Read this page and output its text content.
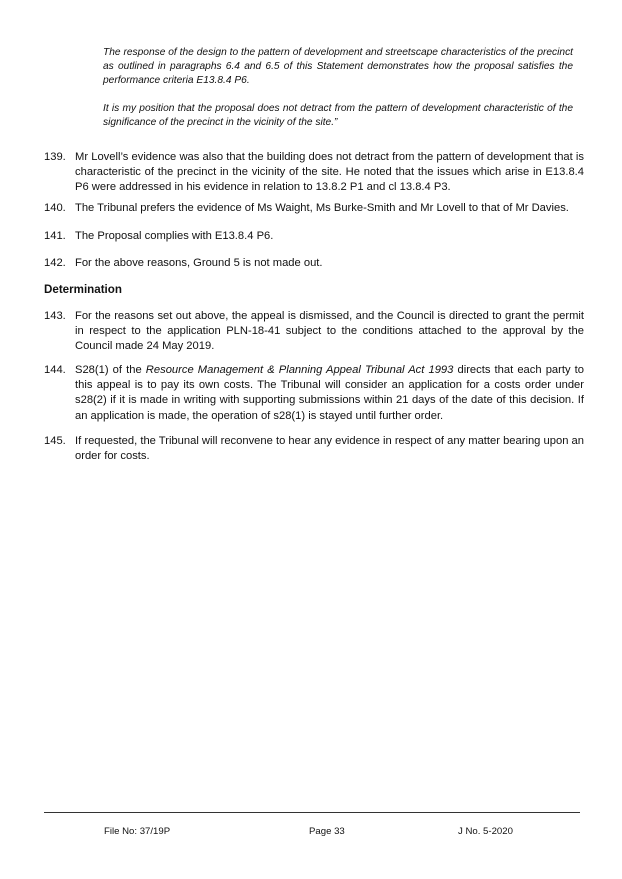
The response of the design to the pattern of development and streetscape characteristics of the precinct as outlined in paragraphs 6.4 and 6.5 of this Statement demonstrates how the proposal satisfies the performance criteria E13.8.4 P6.

It is my position that the proposal does not detract from the pattern of development characteristic of the significance of the precinct in the vicinity of the site.”

139. Mr Lovell’s evidence was also that the building does not detract from the pattern of development that is characteristic of the precinct in the vicinity of the site. He noted that the issues which arise in E13.8.4 P6 were addressed in his evidence in relation to 13.8.2 P1 and cl 13.8.4 P3.
140. The Tribunal prefers the evidence of Ms Waight, Ms Burke-Smith and Mr Lovell to that of Mr Davies.
141. The Proposal complies with E13.8.4 P6.
142. For the above reasons, Ground 5 is not made out.
Determination
143. For the reasons set out above, the appeal is dismissed, and the Council is directed to grant the permit in respect to the application PLN-18-41 subject to the conditions attached to the approval by the Council made 24 May 2019.
144. S28(1) of the Resource Management & Planning Appeal Tribunal Act 1993 directs that each party to this appeal is to pay its own costs. The Tribunal will consider an application for a costs order under s28(2) if it is made in writing with supporting submissions within 21 days of the date of this decision. If an application is made, the operation of s28(1) is stayed until further order.
145. If requested, the Tribunal will reconvene to hear any evidence in respect of any matter bearing upon an order for costs.
File No: 37/19P	Page 33	J No. 5-2020
